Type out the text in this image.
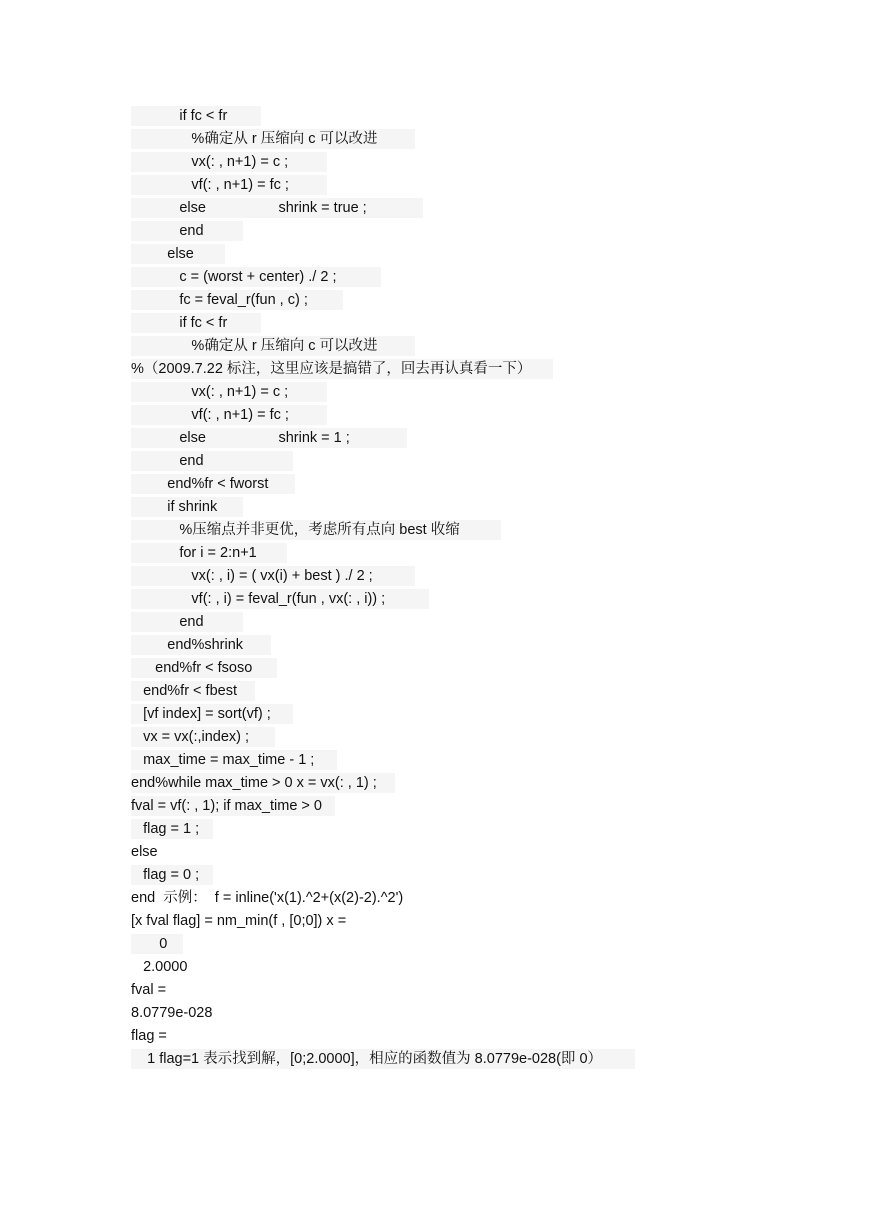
if fc < fr
%确定从 r 压缩向 c 可以改进
vx(: , n+1) = c ;
vf(: , n+1) = fc ;
else                  shrink = true ;
end
else
c = (worst + center) ./ 2 ;
fc = feval_r(fun , c) ;
if fc < fr
%确定从 r 压缩向 c 可以改进
%（2009.7.22 标注，这里应该是搞错了，回去再认真看一下）
vx(: , n+1) = c ;
vf(: , n+1) = fc ;
else                  shrink = 1 ;
end
end%fr < fworst
if shrink
%压缩点并非更优，考虑所有点向 best 收缩
for i = 2:n+1
vx(: , i) = ( vx(i) + best ) ./ 2 ;
vf(: , i) = feval_r(fun , vx(: , i)) ;
end
end%shrink
end%fr < fsoso
end%fr < fbest
[vf index] = sort(vf) ;
vx = vx(:,index) ;
max_time = max_time - 1 ;
end%while max_time > 0 x = vx(: , 1) ;
fval = vf(: , 1); if max_time > 0
flag = 1 ;
else
flag = 0 ;
end  示例：  f = inline('x(1).^2+(x(2)-2).^2')
[x fval flag] = nm_min(f , [0;0]) x =
0
2.0000
fval =
8.0779e-028
flag =
1 flag=1 表示找到解，[0;2.0000]，相应的函数值为 8.0779e-028(即 0）
